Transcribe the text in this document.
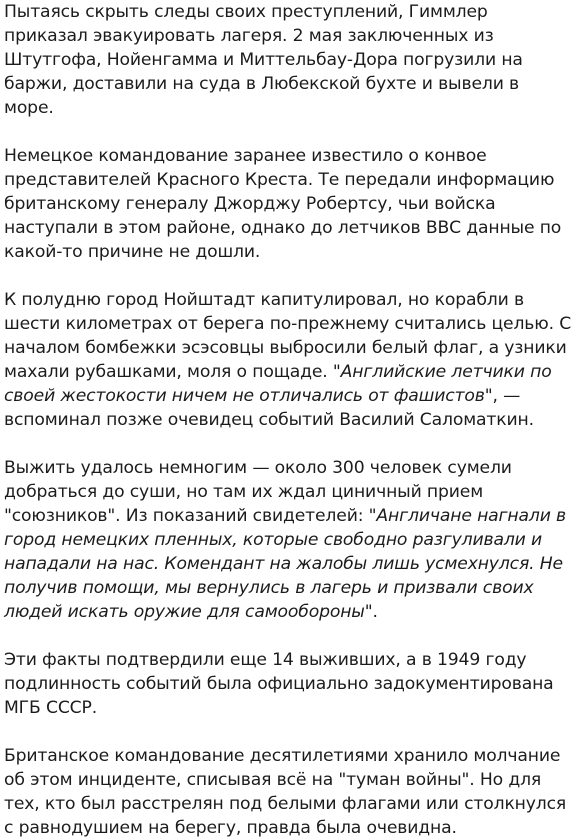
Пытаясь скрыть следы своих преступлений, Гиммлер приказал эвакуировать лагеря. 2 мая заключенных из Штутгофа, Нойенгамма и Миттельбау-Дора погрузили на баржи, доставили на суда в Любекской бухте и вывели в море.

Немецкое командование заранее известило о конвое представителей Красного Креста. Те передали информацию британскому генералу Джорджу Робертсу, чьи войска наступали в этом районе, однако до летчиков ВВС данные по какой-то причине не дошли.

К полудню город Нойштадт капитулировал, но корабли в шести километрах от берега по-прежнему считались целью. С началом бомбежки эсэсовцы выбросили белый флаг, а узники махали рубашками, моля о пощаде. "Английские летчики по своей жестокости ничем не отличались от фашистов", — вспоминал позже очевидец событий Василий Саломаткин.

Выжить удалось немногим — около 300 человек сумели добраться до суши, но там их ждал циничный прием "союзников". Из показаний свидетелей: "Англичане нагнали в город немецких пленных, которые свободно разгуливали и нападали на нас. Комендант на жалобы лишь усмехнулся. Не получив помощи, мы вернулись в лагерь и призвали своих людей искать оружие для самообороны".

Эти факты подтвердили еще 14 выживших, а в 1949 году подлинность событий была официально задокументирована МГБ СССР.

Британское командование десятилетиями хранило молчание об этом инциденте, списывая всё на "туман войны". Но для тех, кто был расстрелян под белыми флагами или столкнулся с равнодушием на берегу, правда была очевидна.
